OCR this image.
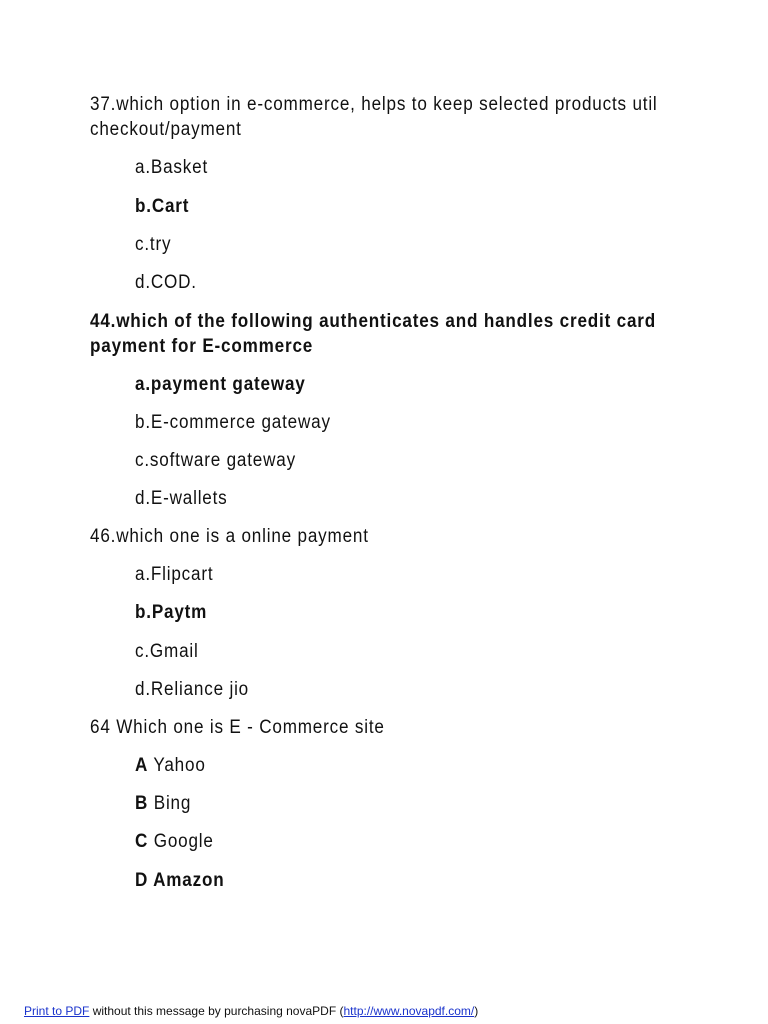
37.which option in e-commerce, helps to keep selected products util
checkout/payment
a.Basket
b.Cart
c.try
d.COD.
44.which of the following authenticates and handles credit card
payment for E-commerce
a.payment gateway
b.E-commerce gateway
c.software gateway
d.E-wallets
46.which one is a online payment
a.Flipcart
b.Paytm
c.Gmail
d.Reliance jio
64 Which one is E - Commerce site
A Yahoo
B Bing
C Google
D Amazon
Print to PDF without this message by purchasing novaPDF (http://www.novapdf.com/)
